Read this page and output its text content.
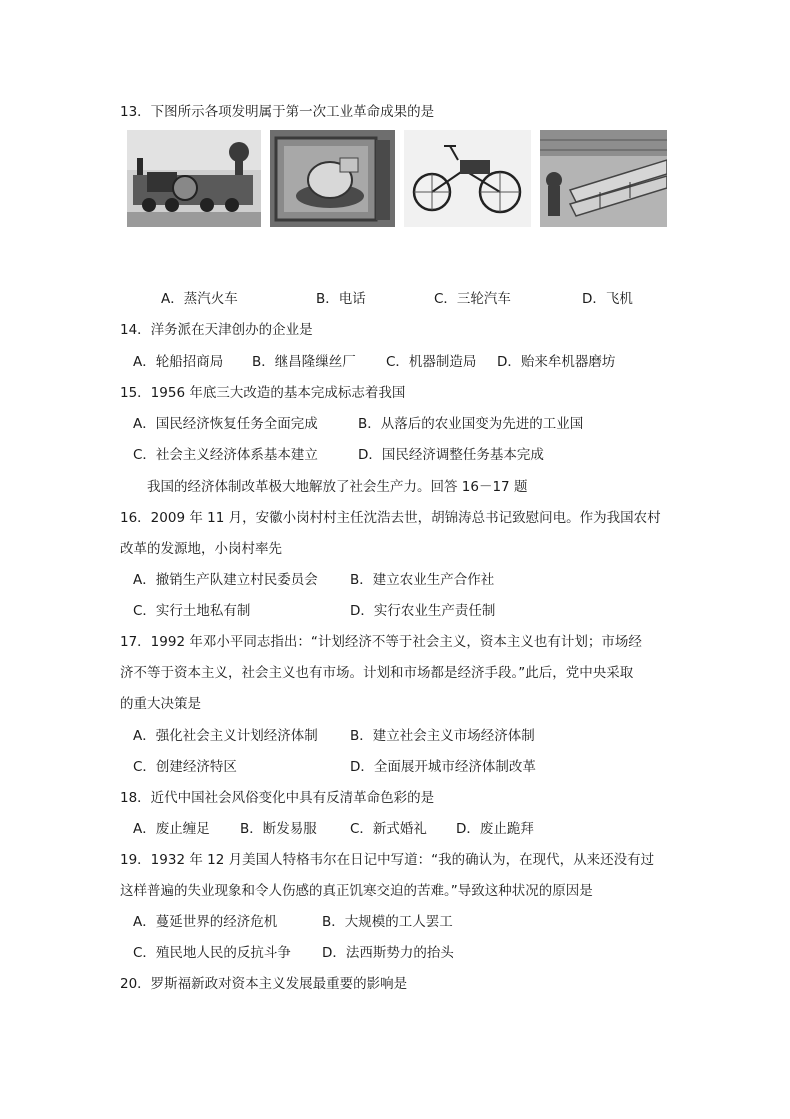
13．下图所示各项发明属于第一次工业革命成果的是
A．蒸汽火车	B．电话	C．三轮汽车	D．飞机
14．洋务派在天津创办的企业是
A．轮船招商局 B．继昌隆缫丝厂 C．机器制造局 D．贻来牟机器磨坊
15．1956 年底三大改造的基本完成标志着我国
A．国民经济恢复任务全面完成	B．从落后的农业国变为先进的工业国
C．社会主义经济体系基本建立	D．国民经济调整任务基本完成
我国的经济体制改革极大地解放了社会生产力。回答 16－17 题
16．2009 年 11 月，安徽小岗村村主任沈浩去世，胡锦涛总书记致慰问电。作为我国农村
改革的发源地，小岗村率先
A．撤销生产队建立村民委员会 B．建立农业生产合作社
C．实行土地私有制	D．实行农业生产责任制
17．1992 年邓小平同志指出：“计划经济不等于社会主义，资本主义也有计划；市场经
济不等于资本主义，社会主义也有市场。计划和市场都是经济手段。”此后，党中央采取
的重大决策是
A．强化社会主义计划经济体制 B．建立社会主义市场经济体制
C．创建经济特区	D．全面展开城市经济体制改革
18．近代中国社会风俗变化中具有反清革命色彩的是
A．废止缠足 B．断发易服 C．新式婚礼 D．废止跪拜
19．1932 年 12 月美国人特格韦尔在日记中写道：“我的确认为，在现代，从来还没有过
这样普遍的失业现象和令人伤感的真正饥寒交迫的苦难。”导致这种状况的原因是
A．蔓延世界的经济危机	B．大规模的工人罢工
C．殖民地人民的反抗斗争 D．法西斯势力的抬头
20．罗斯福新政对资本主义发展最重要的影响是
